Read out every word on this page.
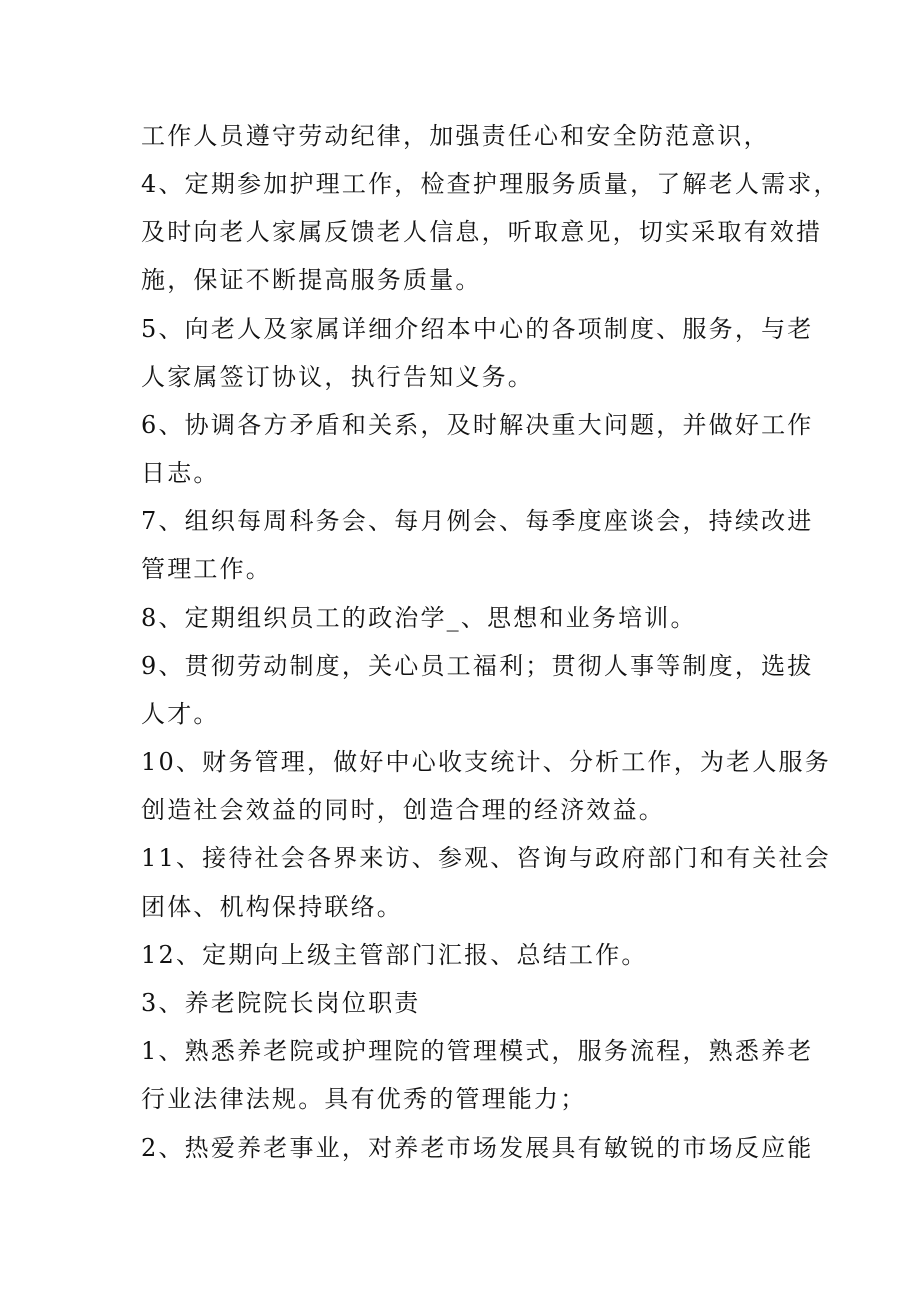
工作人员遵守劳动纪律，加强责任心和安全防范意识，
4、定期参加护理工作，检查护理服务质量，了解老人需求，
及时向老人家属反馈老人信息，听取意见，切实采取有效措
施，保证不断提高服务质量。
5、向老人及家属详细介绍本中心的各项制度、服务，与老
人家属签订协议，执行告知义务。
6、协调各方矛盾和关系，及时解决重大问题，并做好工作
日志。
7、组织每周科务会、每月例会、每季度座谈会，持续改进
管理工作。
8、定期组织员工的政治学_、思想和业务培训。
9、贯彻劳动制度，关心员工福利；贯彻人事等制度，选拔
人才。
10、财务管理，做好中心收支统计、分析工作，为老人服务
创造社会效益的同时，创造合理的经济效益。
11、接待社会各界来访、参观、咨询与政府部门和有关社会
团体、机构保持联络。
12、定期向上级主管部门汇报、总结工作。
3、养老院院长岗位职责
1、熟悉养老院或护理院的管理模式，服务流程，熟悉养老
行业法律法规。具有优秀的管理能力；
2、热爱养老事业，对养老市场发展具有敏锐的市场反应能
